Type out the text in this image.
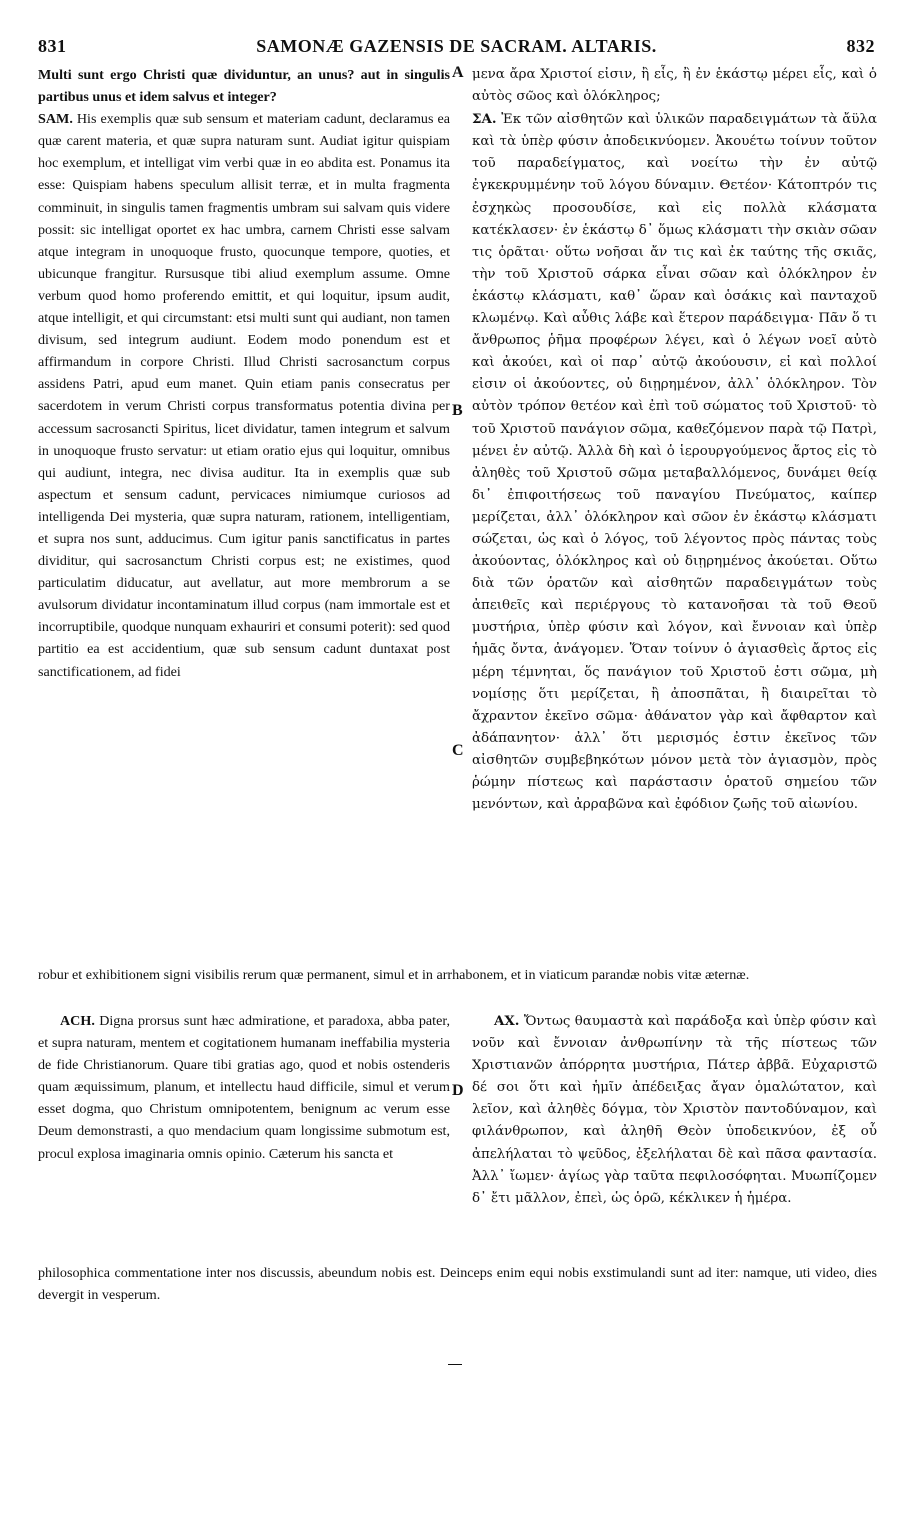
831	SAMONÆ GAZENSIS DE SACRAM. ALTARIS.	832
A
B
C
D

Multi sunt ergo Christi quæ dividuntur, an unus? aut in singulis partibus unus et idem salvus et integer?

SAM. His exemplis quæ sub sensum et materiam cadunt, declaramus ea quæ carent materia, et quæ supra naturam sunt. Audiat igitur quispiam hoc exemplum, et intelligat vim verbi quæ in eo abdita est. Ponamus ita esse: Quispiam habens speculum allisit terræ, et in multa fragmenta comminuit, in singulis tamen fragmentis umbram sui salvam quis videre possit: sic intelligat oportet ex hac umbra, carnem Christi esse salvam atque integram in unoquoque frusto, quocunque tempore, quoties, et ubicunque frangitur. Rursusque tibi aliud exemplum assume. Omne verbum quod homo proferendo emittit, et qui loquitur, ipsum audit, atque intelligit, et qui circumstant: etsi multi sunt qui audiant, non tamen divisum, sed integrum audiunt. Eodem modo ponendum est et affirmandum in corpore Christi. Illud Christi sacrosanctum corpus assidens Patri, apud eum manet. Quin etiam panis consecratus per sacerdotem in verum Christi corpus transformatus potentia divina per accessum sacrosancti Spiritus, licet dividatur, tamen integrum et salvum in unoquoque frusto servatur: ut etiam oratio ejus qui loquitur, omnibus qui audiunt, integra, nec divisa auditur. Ita in exemplis quæ sub aspectum et sensum cadunt, pervicaces nimiumque curiosos ad intelligenda Dei mysteria, quæ supra naturam, rationem, intelligentiam, et supra nos sunt, adducimus. Cum igitur panis sanctificatus in partes dividitur, qui sacrosanctum Christi corpus est; ne existimes, quod particulatim diducatur, aut avellatur, aut more membrorum a se avulsorum dividatur incontaminatum illud corpus (nam immortale est et incorruptibile, quodque nunquam exhauriri et consumi poterit): sed quod partitio ea est accidentium, quæ sub sensum cadunt duntaxat post sanctificationem, ad fidei

μενα ἄρα Χριστοί εἰσιν, ἢ εἷς, ἢ ἐν ἑκάστῳ μέρει εἷς, καὶ ὁ αὐτὸς σῶος καὶ ὁλόκληρος;

ΣΑ. Ἐκ τῶν αἰσθητῶν καὶ ὑλικῶν παραδειγμάτων τὰ ἄϋλα καὶ τὰ ὑπὲρ φύσιν ἀποδεικνύομεν. Ἀκουέτω τοίνυν τοῦτον τοῦ παραδείγματος, καὶ νοείτω τὴν ἐν αὐτῷ ἐγκεκρυμμένην τοῦ λόγου δύναμιν. Θετέον· Κάτοπτρόν τις ἐσχηκὼς προσουδίσε, καὶ εἰς πολλὰ κλάσματα κατέκλασεν· ἐν ἑκάστῳ δ᾽ ὅμως κλάσματι τὴν σκιὰν σῶαν τις ὁρᾶται· οὕτω νοῆσαι ἄν τις καὶ ἐκ ταύτης τῆς σκιᾶς, τὴν τοῦ Χριστοῦ σάρκα εἶναι σῶαν καὶ ὁλόκληρον ἐν ἑκάστῳ κλάσματι, καθ᾽ ὥραν καὶ ὁσάκις καὶ πανταχοῦ κλωμένῳ. Καὶ αὖθις λάβε καὶ ἕτερον παράδειγμα· Πᾶν ὅ τι ἄνθρωπος ῥῆμα προφέρων λέγει, καὶ ὁ λέγων νοεῖ αὐτὸ καὶ ἀκούει, καὶ οἱ παρ᾽ αὐτῷ ἀκούουσιν, εἰ καὶ πολλοί εἰσιν οἱ ἀκούοντες, οὐ διῃρημένον, ἀλλ᾽ ὁλόκληρον. Τὸν αὐτὸν τρόπον θετέον καὶ ἐπὶ τοῦ σώματος τοῦ Χριστοῦ· τὸ τοῦ Χριστοῦ πανάγιον σῶμα, καθεζόμενον παρὰ τῷ Πατρὶ, μένει ἐν αὐτῷ. Ἀλλὰ δὴ καὶ ὁ ἱερουργούμενος ἄρτος εἰς τὸ ἀληθὲς τοῦ Χριστοῦ σῶμα μεταβαλλόμενος, δυνάμει θείᾳ δι᾽ ἐπιφοιτήσεως τοῦ παναγίου Πνεύματος, καίπερ μερίζεται, ἀλλ᾽ ὁλόκληρον καὶ σῶον ἐν ἑκάστῳ κλάσματι σώζεται, ὡς καὶ ὁ λόγος, τοῦ λέγοντος πρὸς πάντας τοὺς ἀκούοντας, ὁλόκληρος καὶ οὐ διῃρημένος ἀκούεται. Οὕτω διὰ τῶν ὁρατῶν καὶ αἰσθητῶν παραδειγμάτων τοὺς ἀπειθεῖς καὶ περιέργους τὸ κατανοῆσαι τὰ τοῦ Θεοῦ μυστήρια, ὑπὲρ φύσιν καὶ λόγον, καὶ ἔννοιαν καὶ ὑπὲρ ἡμᾶς ὄντα, ἀνάγομεν. Ὅταν τοίνυν ὁ ἁγιασθεὶς ἄρτος εἰς μέρη τέμνηται, ὅς πανάγιον τοῦ Χριστοῦ ἐστι σῶμα, μὴ νομίσῃς ὅτι μερίζεται, ἢ ἀποσπᾶται, ἢ διαιρεῖται τὸ ἄχραντον ἐκεῖνο σῶμα· ἀθάνατον γὰρ καὶ ἄφθαρτον καὶ ἀδάπανητον· ἀλλ᾽ ὅτι μερισμός ἐστιν ἐκεῖνος τῶν αἰσθητῶν συμβεβηκότων μόνον μετὰ τὸν ἁγιασμὸν, πρὸς ῥώμην πίστεως καὶ παράστασιν ὁρατοῦ σημείου τῶν μενόντων, καὶ ἀρραβῶνα καὶ ἐφόδιον ζωῆς τοῦ αἰωνίου.

robur et exhibitionem signi visibilis rerum quæ permanent, simul et in arrhabonem, et in viaticum parandæ nobis vitæ æternæ.

ACH. Digna prorsus sunt hæc admiratione, et paradoxa, abba pater, et supra naturam, mentem et cogitationem humanam ineffabilia mysteria de fide Christianorum. Quare tibi gratias ago, quod et nobis ostenderis quam æquissimum, planum, et intellectu haud difficile, simul et verum esset dogma, quo Christum omnipotentem, benignum ac verum esse Deum demonstrasti, a quo mendacium quam longissime submotum est, procul explosa imaginaria omnis opinio. Cæterum his sancta et

ΑΧ. Ὄντως θαυμαστὰ καὶ παράδοξα καὶ ὑπὲρ φύσιν καὶ νοῦν καὶ ἔννοιαν ἀνθρωπίνην τὰ τῆς πίστεως τῶν Χριστιανῶν ἀπόρρητα μυστήρια, Πάτερ ἀββᾶ. Εὐχαριστῶ δέ σοι ὅτι καὶ ἡμῖν ἀπέδειξας ἄγαν ὁμαλώτατον, καὶ λεῖον, καὶ ἀληθὲς δόγμα, τὸν Χριστὸν παντοδύναμον, καὶ φιλάνθρωπον, καὶ ἀληθῆ Θεὸν ὑποδεικνύον, ἐξ οὗ ἀπελήλαται τὸ ψεῦδος, ἐξελήλαται δὲ καὶ πᾶσα φαντασία. Ἀλλ᾽ ἴωμεν· ἁγίως γὰρ ταῦτα πεφιλοσόφηται. Μυωπίζομεν δ᾽ ἔτι μᾶλλον, ἐπεὶ, ὡς ὁρῶ, κέκλικεν ἡ ἡμέρα.

philosophica commentatione inter nos discussis, abeundum nobis est. Deinceps enim equi nobis exstimulandi sunt ad iter: namque, uti video, dies devergit in vesperum.
